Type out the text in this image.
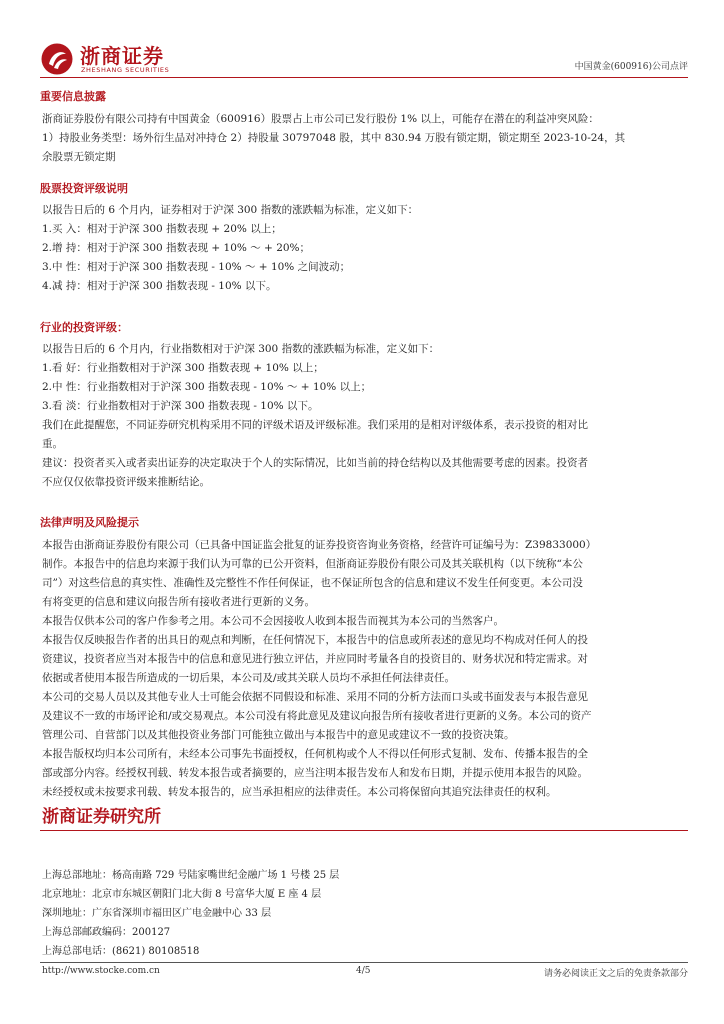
浙商证券
ZHESHANG SECURITIES	中国黄金(600916)公司点评
重要信息披露
浙商证券股份有限公司持有中国黄金（600916）股票占上市公司已发行股份 1% 以上，可能存在潜在的利益冲突风险：
1）持股业务类型：场外衍生品对冲持仓 2）持股量 30797048 股，其中 830.94 万股有锁定期，锁定期至 2023-10-24，其
余股票无锁定期
股票投资评级说明
以报告日后的 6 个月内，证券相对于沪深 300 指数的涨跌幅为标准，定义如下：
1.买 入：相对于沪深 300 指数表现 + 20% 以上；
2.增 持：相对于沪深 300 指数表现 + 10% ～ + 20%；
3.中 性：相对于沪深 300 指数表现 - 10% ～ + 10% 之间波动；
4.减 持：相对于沪深 300 指数表现 - 10% 以下。
行业的投资评级：
以报告日后的 6 个月内，行业指数相对于沪深 300 指数的涨跌幅为标准，定义如下：
1.看 好：行业指数相对于沪深 300 指数表现 + 10% 以上；
2.中 性：行业指数相对于沪深 300 指数表现 - 10% ～ + 10% 以上；
3.看 淡：行业指数相对于沪深 300 指数表现 - 10% 以下。
我们在此提醒您，不同证券研究机构采用不同的评级术语及评级标准。我们采用的是相对评级体系，表示投资的相对比
重。
建议：投资者买入或者卖出证券的决定取决于个人的实际情况，比如当前的持仓结构以及其他需要考虑的因素。投资者
不应仅仅依靠投资评级来推断结论。
法律声明及风险提示
本报告由浙商证券股份有限公司（已具备中国证监会批复的证券投资咨询业务资格，经营许可证编号为：Z39833000）
制作。本报告中的信息均来源于我们认为可靠的已公开资料，但浙商证券股份有限公司及其关联机构（以下统称“本公
司”）对这些信息的真实性、准确性及完整性不作任何保证，也不保证所包含的信息和建议不发生任何变更。本公司没
有将变更的信息和建议向报告所有接收者进行更新的义务。
本报告仅供本公司的客户作参考之用。本公司不会因接收人收到本报告而视其为本公司的当然客户。
本报告仅反映报告作者的出具日的观点和判断，在任何情况下，本报告中的信息或所表述的意见均不构成对任何人的投
资建议，投资者应当对本报告中的信息和意见进行独立评估，并应同时考量各自的投资目的、财务状况和特定需求。对
依据或者使用本报告所造成的一切后果，本公司及/或其关联人员均不承担任何法律责任。
本公司的交易人员以及其他专业人士可能会依据不同假设和标准、采用不同的分析方法而口头或书面发表与本报告意见
及建议不一致的市场评论和/或交易观点。本公司没有将此意见及建议向报告所有接收者进行更新的义务。本公司的资产
管理公司、自营部门以及其他投资业务部门可能独立做出与本报告中的意见或建议不一致的投资决策。
本报告版权均归本公司所有，未经本公司事先书面授权，任何机构或个人不得以任何形式复制、发布、传播本报告的全
部或部分内容。经授权刊载、转发本报告或者摘要的，应当注明本报告发布人和发布日期，并提示使用本报告的风险。
未经授权或未按要求刊载、转发本报告的，应当承担相应的法律责任。本公司将保留向其追究法律责任的权利。
浙商证券研究所
上海总部地址：杨高南路 729 号陆家嘴世纪金融广场 1 号楼 25 层
北京地址：北京市东城区朝阳门北大街 8 号富华大厦 E 座 4 层
深圳地址：广东省深圳市福田区广电金融中心 33 层
上海总部邮政编码：200127
上海总部电话：(8621) 80108518
http://www.stocke.com.cn	4/5	请务必阅读正文之后的免责条款部分
